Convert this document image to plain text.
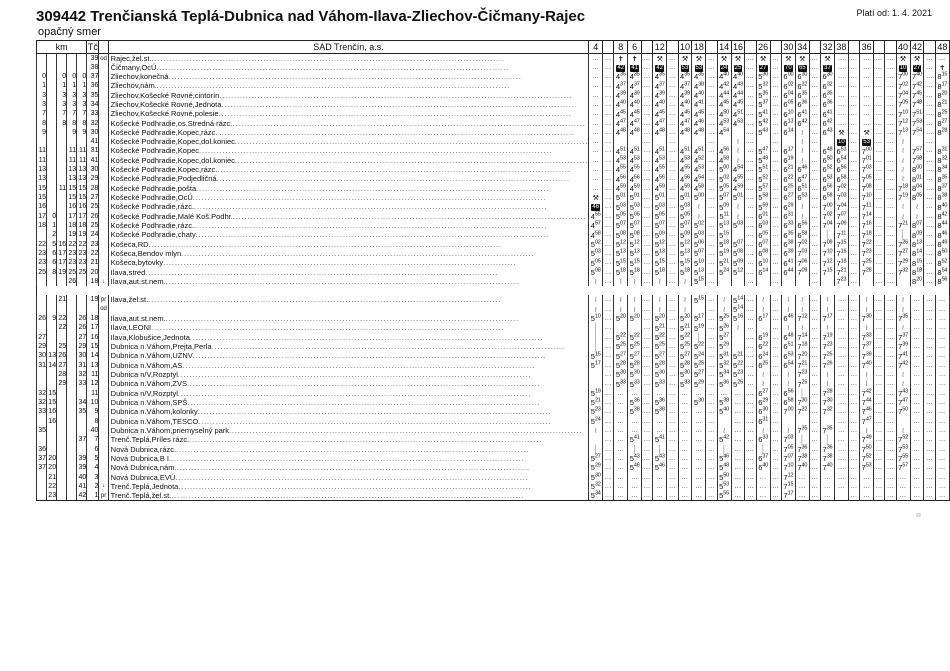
309442 Trenčianská Teplá-Dubnica nad Váhom-Ilava-Zliechov-Čičmany-Rajec	Platí od: 1. 4. 2021
opačný smer
km					Tč		SAD Trenčín, a.s.	4		8	6		12		10	18		14	16		26		30	34		32	38		36			40	42		48
					39	od	Rajec,žel.st. ........................................................................................................................	...	...	✝	✝	...	⚒	...	⚒	⚒	...	⚒	⚒	...	⚒	...	⚒	⚒	...	⚒	...	...	...	...	...	⚒	⚒	...	...
					38		Čičmany,OcÚ ........................................................................................................................	...	...	42	41	...	42	...	53	53	...	24	25	...	27	...	70	65	...	37	...	...	...	...	...	10	27	...	✝
0		0	0	0	37		Zliechov,konečná ........................................................................................................................	...	...	$4^{35}$	$4^{35}$	...	$4^{35}$	...	$4^{35}$	$4^{35}$	...	$4^{40}$	$4^{40}$	...	$5^{30}$	...	$6^{00}$	$6^{30}$	...	$6^{30}$	...	...	...	...	...	$7^{00}$	$7^{40}$	...	$8^{15}$
1		1	1	1	36		Zliechov,nám. ........................................................................................................................	...	...	$4^{37}$	$4^{37}$	...	$4^{37}$	...	$4^{37}$	$4^{38}$	...	$4^{42}$	$4^{43}$	...	$5^{32}$	...	$6^{02}$	$6^{32}$	...	$6^{32}$	...	...	...	...	...	$7^{02}$	$7^{42}$	...	$8^{17}$
3		3	3	3	35		Zliechov,Košecké Rovné,cintorín ........................................................................................................................	...	...	$4^{39}$	$4^{39}$	...	$4^{39}$	...	$4^{39}$	$4^{40}$	...	$4^{44}$	$4^{44}$	...	$5^{35}$	...	$6^{04}$	$6^{35}$	...	$6^{35}$	...	...	...	...	...	$7^{04}$	$7^{45}$	...	$8^{20}$
3		3	3	3	34		Zliechov,Košecké Rovné,Jednota ........................................................................................................................	...	...	$4^{40}$	$4^{40}$	...	$4^{40}$	...	$4^{40}$	$4^{41}$	...	$4^{45}$	$4^{45}$	...	$5^{37}$	...	$6^{05}$	$6^{36}$	...	$6^{36}$	...	...	...	...	...	$7^{05}$	$7^{48}$	...	$8^{21}$
7		7	7	7	33		Zliechov,Košecké Rovné,polesie ........................................................................................................................	...	...	$4^{45}$	$4^{45}$	...	$4^{45}$	...	$4^{45}$	$4^{45}$	...	$4^{50}$	$4^{51}$	...	$5^{41}$	...	$6^{10}$	$6^{41}$	...	$6^{41}$	...	...	...	...	...	$7^{10}$	$7^{51}$	...	$8^{25}$
8		8	8	8	32		Košecké Podhradie,os.Stredná rázc. ........................................................................................................................	...	...	$4^{47}$	$4^{47}$	...	$4^{47}$	...	$4^{47}$	$4^{46}$	...	$4^{53}$	$4^{53}$	...	$5^{42}$	...	$6^{13}$	$6^{42}$	...	$6^{42}$	...	...	...	...	...	$7^{12}$	$7^{53}$	...	$8^{27}$
9			9	9	30		Košecké Podhradie,Kopec,rázc. . ........................................................................................................................	...	...	$4^{48}$	$4^{48}$	...	$4^{48}$	...	$4^{48}$	$4^{48}$	...	$4^{54}$		...	$5^{43}$	...	$6^{14}$	≀	...	$6^{43}$	⚒	...	⚒	...	...	$7^{13}$	$7^{54}$	...	$8^{28}$
					41		Košecké Podhradie,Kopec,dol.koniec ........................................................................................................................	...	...			...		...			...		≀	...		...		≀	...		10	...	53	...	...	≀		...	
11			11	11	31		Košecké Podhradie,Kopec ........................................................................................................................	...	...	$4^{51}$	$4^{51}$	...	$4^{51}$	...	$4^{51}$	$4^{51}$	...	$4^{56}$	≀	...	$5^{47}$	...	$6^{17}$	≀	...	$6^{48}$	$6^{53}$	...	$7^{00}$	...	...	≀	$7^{57}$	...	$8^{31}$
11			11	11	41		Košecké Podhradie,Kopec,dol.koniec ........................................................................................................................	...	...	$4^{53}$	$4^{53}$	...	$4^{53}$	...	$4^{53}$	$4^{52}$	...	$4^{58}$	≀	...	$5^{49}$	...	$6^{19}$	≀	...	$6^{50}$	$6^{54}$	...	$7^{01}$	...	...	≀	$7^{58}$	...	$8^{32}$
13			13	13	30		Košecké Podhradie,Kopec,rázc. ........................................................................................................................	...	...	$4^{55}$	$4^{55}$	...	$4^{55}$	...	$4^{55}$	$4^{53}$	...	$5^{00}$	$4^{54}$	...	$5^{51}$	...	$6^{21}$	$6^{46}$	...	$6^{52}$	$6^{56}$	...	$7^{03}$	...	...	≀	$8^{00}$	...	$8^{34}$
13			13	13	29		Košecké Podhradie,Podjedličná ........................................................................................................................	...	...	$4^{56}$	$4^{56}$	...	$4^{56}$	...	$4^{56}$	$4^{54}$	...	$5^{02}$	$4^{55}$	...	$5^{52}$	...	$6^{22}$	$6^{47}$	...	$6^{53}$	$6^{58}$	...	$7^{05}$	...	...	≀	$8^{01}$	...	$8^{35}$
15		11	15	15	28		Košecké Podhradie,pošta ........................................................................................................................	...	...	$4^{59}$	$4^{59}$	...	$4^{59}$	...	$4^{59}$	$4^{58}$	...	$5^{05}$	$4^{59}$	...	$5^{57}$	...	$6^{25}$	$6^{51}$	...	$6^{56}$	$7^{02}$	...	$7^{08}$	...	...	$7^{18}$	$8^{04}$	...	$8^{37}$
15			15	15	27		Košecké Podhradie,OcÚ ........................................................................................................................	⚒	...	$5^{01}$	$5^{01}$	...	$5^{01}$	...	$5^{01}$	$5^{00}$	...	$5^{07}$	$5^{01}$	...	$5^{58}$	...	$6^{27}$	$6^{53}$	...	$6^{58}$	$7^{03}$	...	$7^{10}$	...	...	$7^{19}$	$8^{05}$	...	$8^{38}$
16			16	16	25		Košecké Podhradie,rázc. ........................................................................................................................	46	...	$5^{03}$	$5^{03}$	...	$5^{03}$	...	$5^{03}$	≀	...	$5^{09}$	≀	...	$5^{59}$	...	$6^{29}$	≀	...	$7^{00}$	$7^{04}$	...	$7^{11}$	...	...	≀	≀	...	$8^{40}$
17	0		17	17	26		Košecké Podhradie,Malé Koš.Podhr. ........................................................................................................................	$4^{55}$	...	$5^{05}$	$5^{05}$	...	$5^{05}$	...	$5^{05}$	≀	...	$5^{11}$	≀	...	$6^{01}$	...	$6^{31}$	≀	...	$7^{02}$	$7^{07}$	...	$7^{14}$	...	...	≀	≀	...	$8^{42}$
18	1		18	18	25		Košecké Podhradie,rázc. ........................................................................................................................	$4^{57}$	...	$5^{07}$	$5^{07}$	...	$5^{07}$	...	$5^{07}$	$5^{02}$	...	$5^{13}$	$5^{03}$	...	$6^{03}$	...	$6^{33}$	$6^{56}$	...	$7^{04}$	$7^{09}$	...	$7^{16}$	...	...	$7^{21}$	$8^{07}$	...	$8^{44}$
	2		19	19	24		Košecké Podhradie,chaty ........................................................................................................................	$4^{58}$	...	$5^{08}$	$5^{08}$	...	$5^{09}$	...	$5^{09}$	$5^{03}$	...	$5^{15}$		...	$6^{05}$	...	$6^{35}$	$6^{58}$	...	│	$7^{11}$	...	$7^{18}$	...	...	│	$8^{09}$	...	$8^{46}$
22	5	16	22	22	23		Košeca,RD ........................................................................................................................	$5^{02}$	...	$5^{12}$	$5^{12}$	...	$5^{12}$	...	$5^{12}$	$5^{06}$	...	$5^{18}$	$5^{07}$	...	$6^{07}$	...	$6^{38}$	$7^{02}$	...	$7^{09}$	$7^{15}$	...	$7^{22}$	...	...	$7^{26}$	$8^{13}$	...	$8^{49}$
23	6	17	23	23	22		Košeca,Bendov mlyn ........................................................................................................................	$5^{03}$	...	$5^{13}$	$5^{13}$	...	$5^{13}$	...	$5^{13}$	$5^{07}$	...	$5^{19}$	$5^{08}$	...	$6^{08}$	...	$6^{39}$	$7^{03}$	...	$7^{10}$	$7^{16}$	...	$7^{23}$	...	...	$7^{27}$	$8^{14}$	...	$8^{50}$
23	6	17	23	23	21		Košeca,bytovky ........................................................................................................................	$5^{05}$	...	$5^{15}$	$5^{15}$	...	$5^{15}$	...	$5^{15}$	$5^{10}$	...	$5^{21}$	$5^{09}$	...	$6^{10}$	...	$6^{41}$	$7^{06}$	...	$7^{12}$	$7^{18}$	...	$7^{25}$	...	...	$7^{29}$	$8^{15}$	...	$8^{52}$
25	8	19	25	25	20		Ilava,stred ........................................................................................................................	$5^{08}$	...	$5^{18}$	$5^{18}$	...	$5^{18}$	...	$5^{18}$	$5^{13}$	...	$5^{24}$	$5^{12}$	...	$6^{14}$	...	$6^{44}$	$7^{09}$	...	$7^{15}$	$7^{21}$	...	$7^{28}$	...	...	$7^{32}$	$8^{18}$	...	$8^{54}$
			26		18	↓	Ilava,aut.st.nem. ........................................................................................................................	≀	...	≀	≀	...	≀	...	≀	$5^{15}$	...			...		...			...		$7^{23}$	...		...	...		$8^{20}$	...	$8^{56}$

		21			19	pr	Ilava,žel.st. ........................................................................................................................	≀	...	≀	≀	...	≀	...	≀	$5^{15}$	...	≀	$5^{14}$	...	≀	...	≀	≀	...	≀	...	...	≀	...	...	≀	...	...	...
						od		≀	...	≀	≀	...	≀	...	≀		...	≀	$5^{14}$	...	≀	...	≀	≀	...	≀	...	...	≀	...	...	≀	...	...	...
26	9	22		26	18		Ilava,aut.st.nem. ........................................................................................................................	$5^{10}$	...	$5^{20}$	$5^{20}$	...	$5^{20}$	...	$5^{20}$	$5^{17}$	...	$5^{25}$	$5^{16}$	...	$6^{17}$	...	$6^{46}$	$7^{12}$	...	$7^{17}$	...	...	$7^{30}$	...	...	$7^{35}$	...	...	...
		22		26	17		Ilava,LEONI ........................................................................................................................	│	...			...	$5^{21}$	...	$5^{21}$	$5^{19}$	...	$5^{26}$	≀	...		...	≀	≀	...	≀	...	...	≀	...	...	≀	...	...	...
27				27	16		Ilava,Klobušice,Jednota ........................................................................................................................	│	...	$5^{22}$	$5^{22}$	...	$5^{22}$	...	$5^{22}$	│	...	$5^{27}$		...	$6^{19}$	...	$6^{48}$	$7^{14}$	...	$7^{19}$	...	...	$7^{33}$	...	...	$7^{37}$	...	...	...
29		25		29	15		Dubnica n.Váhom,Prejta,Perla ........................................................................................................................	│	...	$5^{25}$	$5^{25}$	...	$5^{25}$	...	$5^{25}$	$5^{22}$	...	$5^{29}$		...	$6^{22}$	...	$6^{51}$	$7^{18}$	...	$7^{23}$	...	...	$7^{37}$	...	...	$7^{39}$	...	...	...
30	13	26		30	14		Dubnica n.Váhom,UZNV ........................................................................................................................	$5^{15}$	...	$5^{27}$	$5^{27}$	...	$5^{27}$	...	$5^{27}$	$5^{24}$	...	$5^{31}$	$5^{21}$	...	$6^{24}$	...	$6^{53}$	$7^{20}$	...	$7^{25}$	...	...	$7^{39}$	...	...	$7^{41}$	...	...	...
31	14	27		31	13		Dubnica n.Váhom,AS ........................................................................................................................	$5^{17}$	...	$5^{28}$	$5^{28}$	...	$5^{28}$	...	$5^{28}$	$5^{25}$	...	$5^{32}$	$5^{22}$	...	$6^{25}$	...	$6^{54}$	$7^{21}$	...	$7^{26}$	...	...	$7^{40}$	...	...	$7^{42}$	...	...	...
		28		32	11		Dubnica n/V,Rozptyl ........................................................................................................................		...	$5^{30}$	$5^{30}$	...	$5^{30}$	...	$5^{30}$	$5^{27}$	...	$5^{34}$	$5^{23}$	...	≀	...	≀	$7^{23}$	...	≀	...	...	≀	...	...	≀	...	...	...
		29		33	12		Dubnica n.Váhom,ZVS ........................................................................................................................		...	$5^{33}$	$5^{33}$	...	$5^{33}$	...	$5^{33}$	$5^{29}$	...	$5^{36}$	$5^{25}$	...	≀	...	≀	$7^{25}$	...	≀	...	...	≀	...	...	≀	...	...	...
32	15				11		Dubnica n/V,Rozptyl ........................................................................................................................	$5^{19}$	...	...	...	...	...	...	...	...	...	...	...	...	$6^{27}$	...	$6^{56}$	│	...	$7^{28}$	...	...	$7^{42}$	...	...	$7^{43}$	...	...	...
32	15			34	10		Dubnica n.Váhom,SPŠ ........................................................................................................................	$5^{21}$	...	...	$5^{36}$	...	$5^{36}$	...	...	$5^{30}$	...	$5^{38}$	...	...	$6^{29}$	...	$6^{58}$	$7^{30}$	...	$7^{30}$	...	...	$7^{44}$	...	...	$7^{47}$	...	...	...
33	16			35	9		Dubnica n.Váhom,kolonky ........................................................................................................................	$5^{23}$	...	...	$5^{38}$	...	$5^{38}$	...	...	...	...	$5^{40}$	...	...	$6^{30}$	...	$7^{00}$	$7^{32}$	...	$7^{32}$	...	...	$7^{46}$	...	...	$7^{50}$	...	...	...
	16				8		Dubnica n.Váhom,TESCO ........................................................................................................................	$5^{24}$	...	...	...	...	...	...	...	...	...		...	...	$6^{31}$	...			...		...	...	$7^{47}$	...	...		...	...	...
35					40		Dubnica n.Váhom,priemyselný park ........................................................................................................................	≀	...	...	...	...	...	...	...	...	...	≀	...	...	≀	...	≀	$7^{35}$	...	$7^{35}$	...	...	≀	...	...	≀	...	...	...
				37	7		Trenč.Teplá,Príles rázc. ........................................................................................................................		...	...	$5^{41}$	...	$5^{41}$	...	...	...	...	$5^{42}$	...	...	$6^{33}$	...	$7^{03}$	│	...	│	...	...	$7^{49}$	...	...	$7^{52}$	...	...	...
36					6		Nová Dubnica,rázc. ........................................................................................................................	│	...	...	│	...	│	...	...	...	...	│	...	...	│	...	$7^{05}$	$7^{36}$	...	$7^{36}$	...	...	$7^{50}$	...	...	$7^{53}$	...	...	...
37	20			39	5		Nová Dubnica,B I. ........................................................................................................................	$5^{27}$	...	...	$5^{43}$	...	$5^{43}$	...	...	...	...	$5^{46}$	...	...	$6^{37}$	...	$7^{07}$	$7^{38}$	...	$7^{38}$	...	...	$7^{52}$	...	...	$7^{55}$	...	...	...
37	20			39	4		Nová Dubnica,nám. ........................................................................................................................	$5^{29}$	...	...	$5^{46}$	...	$5^{46}$	...	...	...	...	$5^{48}$	...	...	$6^{40}$	...	$7^{10}$	$7^{40}$	...	$7^{40}$	...	...	$7^{53}$	...	...	$7^{57}$	...	...	...
	21			40	3		Nová Dubnica,EVÚ ........................................................................................................................	$5^{30}$	...	...	...	...	...	...	...	...	...	$5^{50}$	...	...	...	...	$7^{12}$	...	...	...	...	...	...	...	...	...	...	...	...
	22			41	2	↓	Trenč.Teplá,Jednota ........................................................................................................................	$5^{32}$	...	...	...	...	...	...	...	...	...	$5^{53}$	...	...	...	...	$7^{15}$	...	...	...	...	...	...	...	...	...	...	...	...
	23			42	1	pr	Trenč.Teplá,žel.st. ........................................................................................................................	$5^{34}$	...	...	...	...	...	...	...	...	...	$5^{55}$	...	...	...	...	$7^{17}$	...	...	...		...	...	...	...	...	...	...	...
©
